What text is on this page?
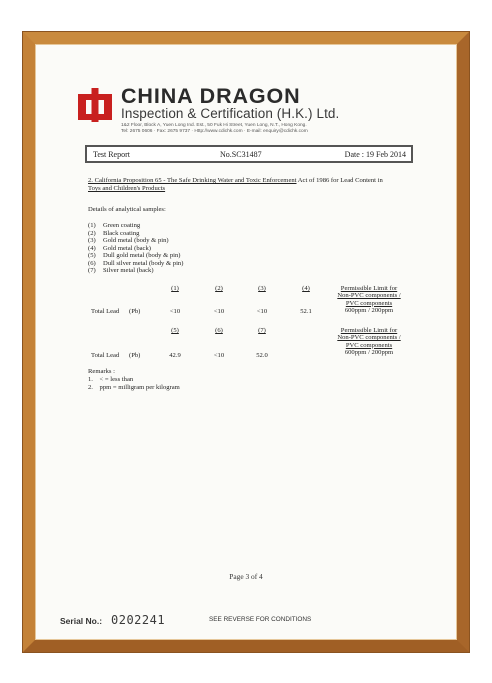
CHINA DRAGON
Inspection & Certification (H.K.) Ltd.
1&2 Floor, Block A, Yuen Long Ind. Est., 50 Fuk Hi Street, Yuen Long, N.T., Hong Kong.
Tel: 2675 0606 · Fax: 2675 9737 · Http://www.cdichk.com · E-mail: enquiry@cdichk.com
Test Report	No.SC31487	Date : 19 Feb 2014

2. California Proposition 65 - The Safe Drinking Water and Toxic Enforcement Act of 1986 for Lead Content in
Toys and Children's Products

Details of analytical samples:
(1) Green coating
(2) Black coating
(3) Gold metal (body & pin)
(4) Gold metal (back)
(5) Dull gold metal (body & pin)
(6) Dull silver metal (body & pin)
(7) Silver metal (back)
(1)	(2)	(3)	(4)	Permissible Limit for
Non-PVC components /
PVC components
600ppm / 200ppm
Total Lead (Pb)	<10	<10	<10	52.1
(5)	(6)	(7)	Permissible Limit for
Non-PVC components /
PVC components
600ppm / 200ppm
Total Lead (Pb)	42.9	<10	52.0
Remarks :
1.    < = less than
2.    ppm = milligram per kilogram
Page 3 of 4
Serial No.: 0202241	SEE REVERSE FOR CONDITIONS
